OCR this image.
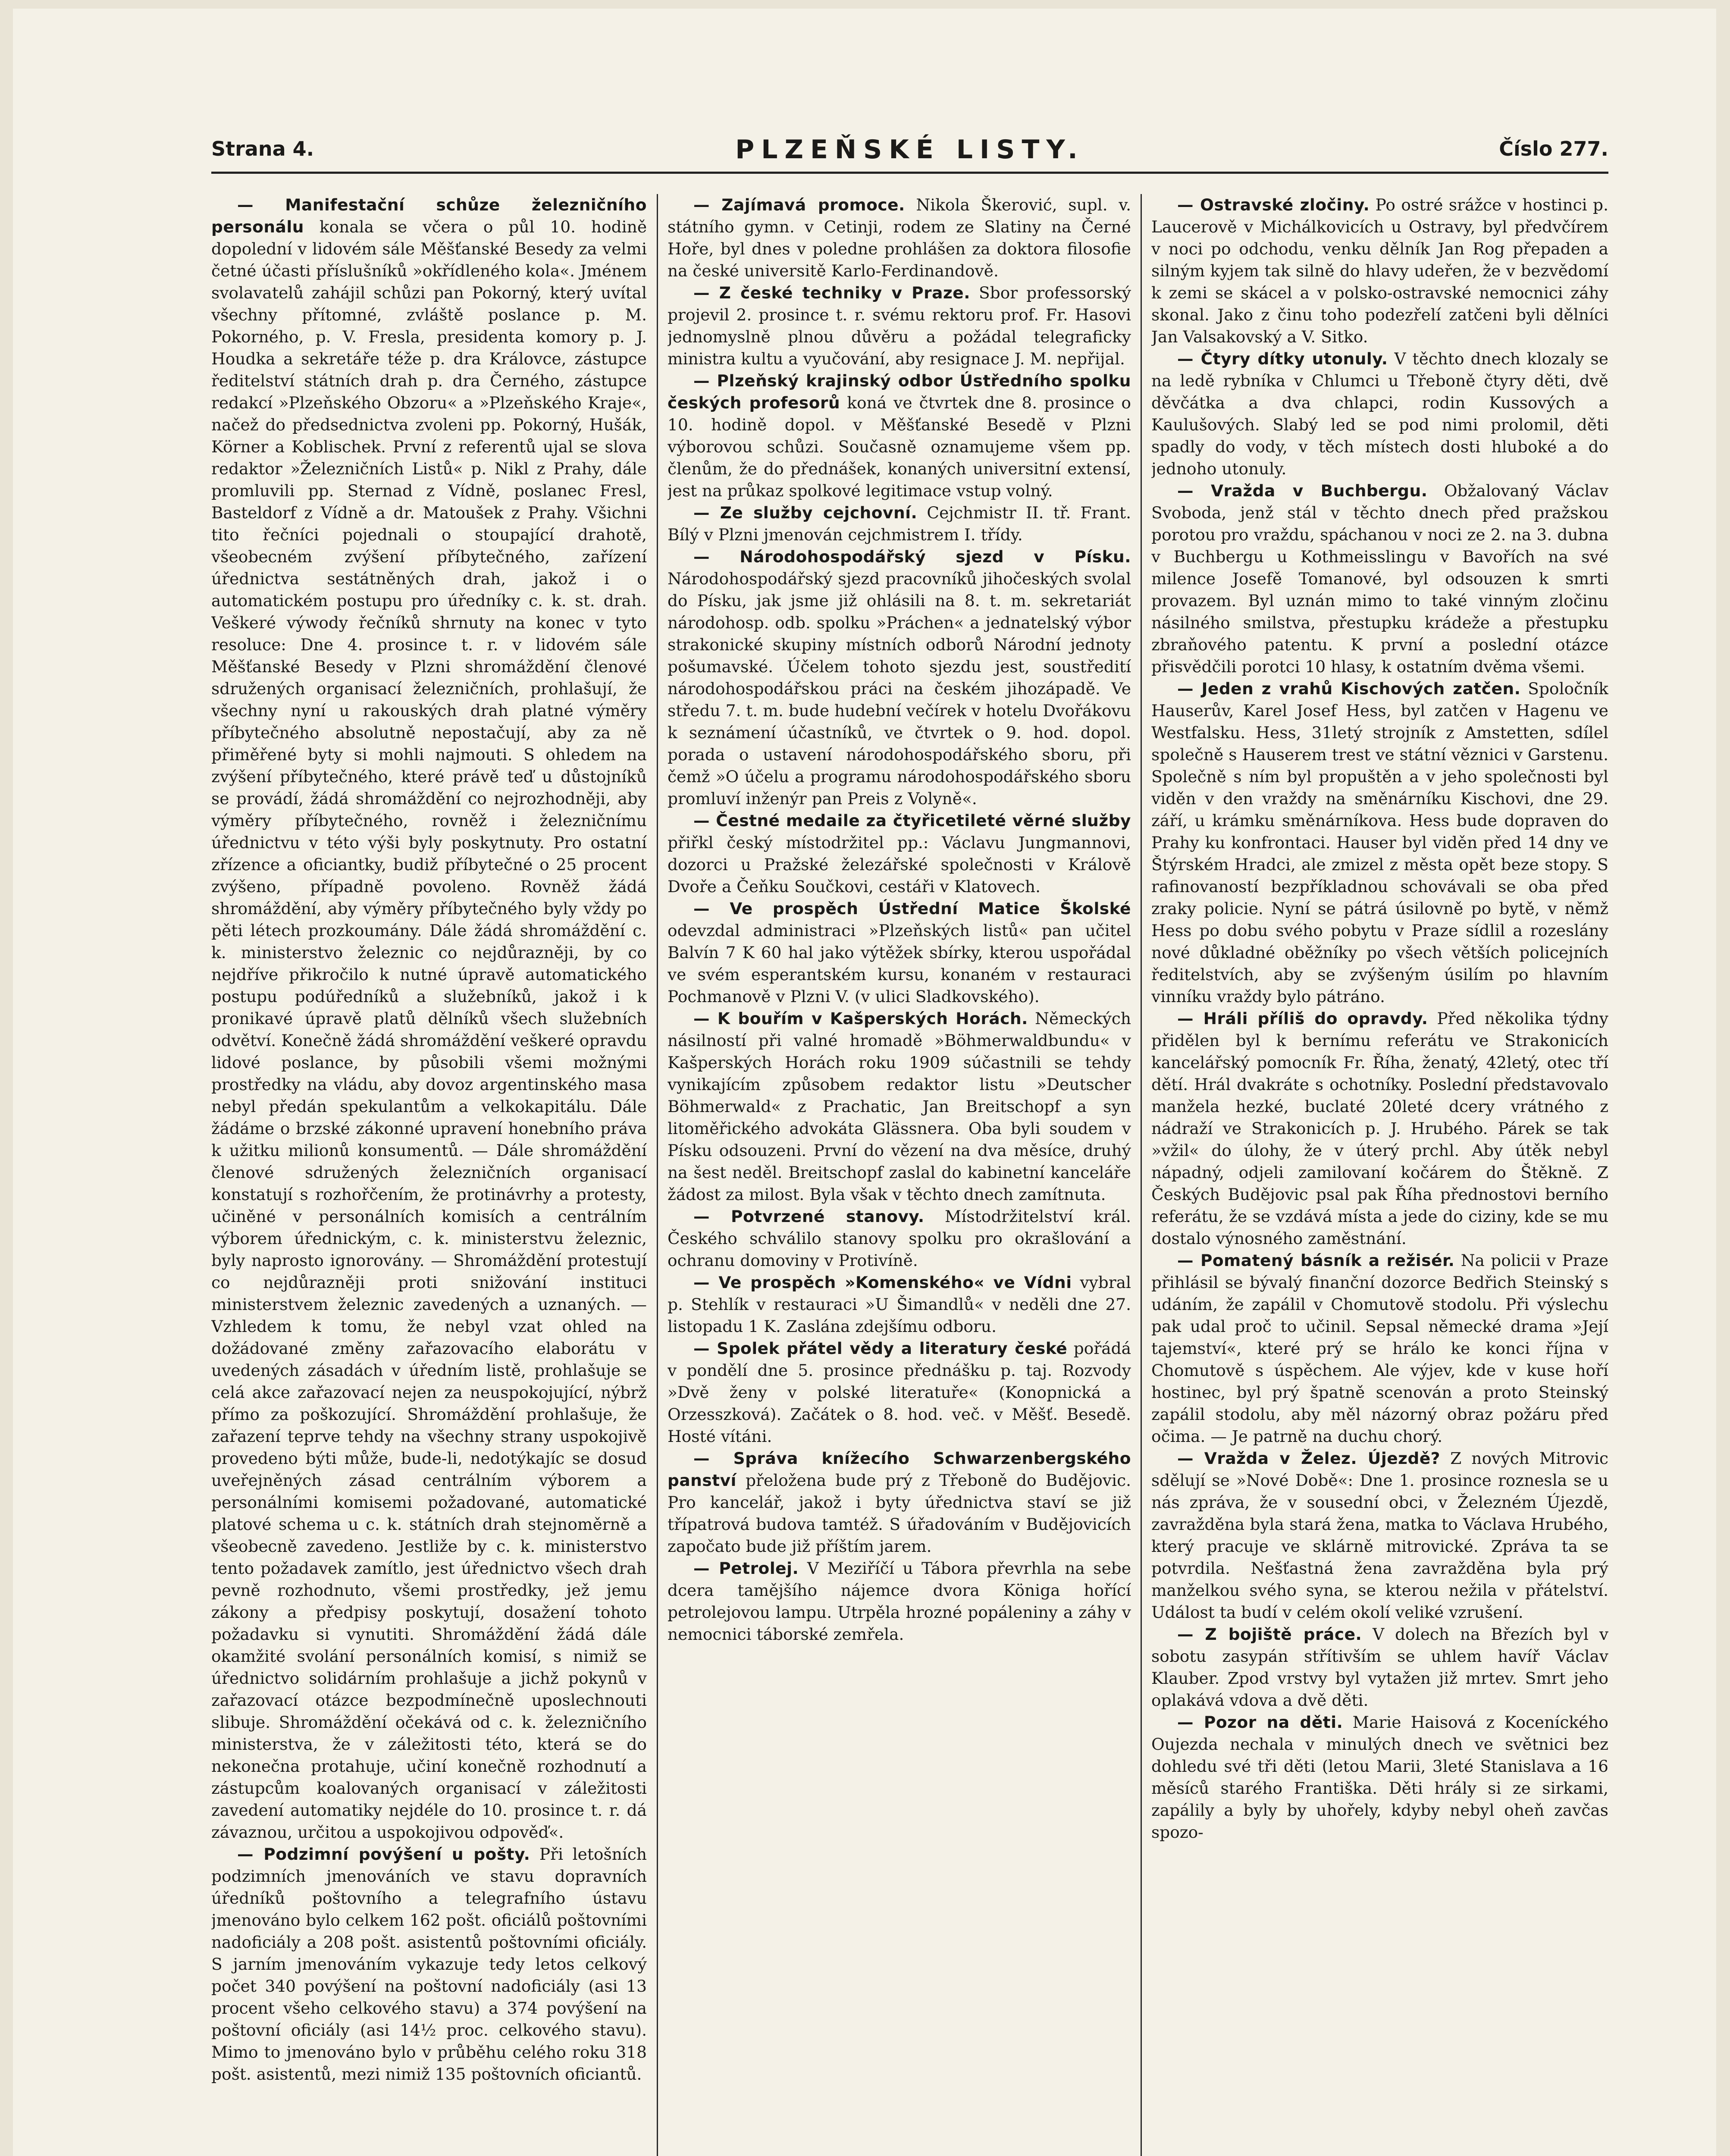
Strana 4.	PLZEŇSKÉ LISTY.	Číslo 277.

— Manifestační schůze železničního personálu konala se včera o půl 10. hodině dopolední v lidovém sále Měšťanské Besedy za velmi četné účasti příslušníků »okřídleného kola«. Jménem svolavatelů zahájil schůzi pan Pokorný, který uvítal všechny přítomné, zvláště poslance p. M. Pokorného, p. V. Fresla, presidenta komory p. J. Houdka a sekretáře téže p. dra Královce, zástupce ředitelství státních drah p. dra Černého, zástupce redakcí »Plzeňského Obzoru« a »Plzeňského Kraje«, načež do předsednictva zvoleni pp. Pokorný, Hušák, Körner a Koblischek. První z referentů ujal se slova redaktor »Železničních Listů« p. Nikl z Prahy, dále promluvili pp. Sternad z Vídně, poslanec Fresl, Basteldorf z Vídně a dr. Matoušek z Prahy. Všichni tito řečníci pojednali o stoupající drahotě, všeobecném zvýšení příbytečného, zařízení úřednictva sestátněných drah, jakož i o automatickém postupu pro úředníky c. k. st. drah. Veškeré výwody řečníků shrnuty na konec v tyto resoluce: Dne 4. prosince t. r. v lidovém sále Měšťanské Besedy v Plzni shromáždění členové sdružených organisací železničních, prohlašují, že všechny nyní u rakouských drah platné výměry příbytečného absolutně nepostačují, aby za ně přiměřené byty si mohli najmouti. S ohledem na zvýšení příbytečného, které právě teď u důstojníků se provádí, žádá shromáždění co nejrozhodněji, aby výměry příbytečného, rovněž i železničnímu úřednictvu v této výši byly poskytnuty. Pro ostatní zřízence a oficiantky, budiž příbytečné o 25 procent zvýšeno, případně povoleno. Rovněž žádá shromáždění, aby výměry příbytečného byly vždy po pěti létech prozkoumány. Dále žádá shromáždění c. k. ministerstvo železnic co nejdůrazněji, by co nejdříve přikročilo k nutné úpravě automatického postupu podúředníků a služebníků, jakož i k pronikavé úpravě platů dělníků všech služebních odvětví. Konečně žádá shromáždění veškeré opravdu lidové poslance, by působili všemi možnými prostředky na vládu, aby dovoz argentinského masa nebyl předán spekulantům a velkokapitálu. Dále žádáme o brzské zákonné upravení honebního práva k užitku milionů konsumentů. — Dále shromáždění členové sdružených železničních organisací konstatují s rozhořčením, že protinávrhy a protesty, učiněné v personálních komisích a centrálním výborem úřednickým, c. k. ministerstvu železnic, byly naprosto ignorovány. — Shromáždění protestují co nejdůrazněji proti snižování instituci ministerstvem železnic zavedených a uznaných. — Vzhledem k tomu, že nebyl vzat ohled na dožádované změny zařazovacího elaborátu v uvedených zásadách v úředním listě, prohlašuje se celá akce zařazovací nejen za neuspokojující, nýbrž přímo za poškozující. Shromáždění prohlašuje, že zařazení teprve tehdy na všechny strany uspokojivě provedeno býti může, bude-li, nedotýkajíc se dosud uveřejněných zásad centrálním výborem a personálními komisemi požadované, automatické platové schema u c. k. státních drah stejnoměrně a všeobecně zavedeno. Jestliže by c. k. ministerstvo tento požadavek zamítlo, jest úřednictvo všech drah pevně rozhodnuto, všemi prostředky, jež jemu zákony a předpisy poskytují, dosažení tohoto požadavku si vynutiti. Shromáždění žádá dále okamžité svolání personálních komisí, s nimiž se úřednictvo solidárním prohlašuje a jichž pokynů v zařazovací otázce bezpodmínečně uposlechnouti slibuje. Shromáždění očekává od c. k. železničního ministerstva, že v záležitosti této, která se do nekonečna protahuje, učiní konečně rozhodnutí a zástupcům koalovaných organisací v záležitosti zavedení automatiky nejdéle do 10. prosince t. r. dá závaznou, určitou a uspokojivou odpověď«.

— Podzimní povýšení u pošty. Při letošních podzimních jmenováních ve stavu dopravních úředníků poštovního a telegrafního ústavu jmenováno bylo celkem 162 pošt. oficiálů poštovními nadoficiály a 208 pošt. asistentů poštovními oficiály. S jarním jmenováním vykazuje tedy letos celkový počet 340 povýšení na poštovní nadoficiály (asi 13 procent všeho celkového stavu) a 374 povýšení na poštovní oficiály (asi 14½ proc. celkového stavu). Mimo to jmenováno bylo v průběhu celého roku 318 pošt. asistentů, mezi nimiž 135 poštovních oficiantů.

— Zajímavá promoce. Nikola Škerović, supl. v. státního gymn. v Cetinji, rodem ze Slatiny na Černé Hoře, byl dnes v poledne prohlášen za doktora filosofie na české universitě Karlo-Ferdinandově.

— Z české techniky v Praze. Sbor professorský projevil 2. prosince t. r. svému rektoru prof. Fr. Hasovi jednomyslně plnou důvěru a požádal telegraficky ministra kultu a vyučování, aby resignace J. M. nepřijal.

— Plzeňský krajinský odbor Ústředního spolku českých profesorů koná ve čtvrtek dne 8. prosince o 10. hodině dopol. v Měšťanské Besedě v Plzni výborovou schůzi. Současně oznamujeme všem pp. členům, že do přednášek, konaných universitní extensí, jest na průkaz spolkové legitimace vstup volný.

— Ze služby cejchovní. Cejchmistr II. tř. Frant. Bílý v Plzni jmenován cejchmistrem I. třídy.

— Národohospodářský sjezd v Písku. Národohospodářský sjezd pracovníků jihočeských svolal do Písku, jak jsme již ohlásili na 8. t. m. sekretariát národohosp. odb. spolku »Práchen« a jednatelský výbor strakonické skupiny místních odborů Národní jednoty pošumavské. Účelem tohoto sjezdu jest, soustředití národohospodářskou práci na českém jihozápadě. Ve středu 7. t. m. bude hudební večírek v hotelu Dvořákovu k seznámení účastníků, ve čtvrtek o 9. hod. dopol. porada o ustavení národohospodářského sboru, při čemž »O účelu a programu národohospodářského sboru promluví inženýr pan Preis z Volyně«.

— Čestné medaile za čtyřicetileté věrné služby přiřkl český místodržitel pp.: Václavu Jungmannovi, dozorci u Pražské železářské společnosti v Králově Dvoře a Čeňku Součkovi, cestáři v Klatovech.

— Ve prospěch Ústřední Matice Školské odevzdal administraci »Plzeňských listů« pan učitel Balvín 7 K 60 hal jako výtěžek sbírky, kterou uspořádal ve svém esperantském kursu, konaném v restauraci Pochmanově v Plzni V. (v ulici Sladkovského).

— K bouřím v Kašperských Horách. Německých násilností při valné hromadě »Böhmerwaldbundu« v Kašperských Horách roku 1909 súčastnili se tehdy vynikajícím způsobem redaktor listu »Deutscher Böhmerwald« z Prachatic, Jan Breitschopf a syn litoměřického advokáta Glässnera. Oba byli soudem v Písku odsouzeni. První do vězení na dva měsíce, druhý na šest neděl. Breitschopf zaslal do kabinetní kanceláře žádost za milost. Byla však v těchto dnech zamítnuta.

— Potvrzené stanovy. Místodržitelství král. Českého schválilo stanovy spolku pro okrašlování a ochranu domoviny v Protivíně.

— Ve prospěch »Komenského« ve Vídni vybral p. Stehlík v restauraci »U Šimandlů« v neděli dne 27. listopadu 1 K. Zaslána zdejšímu odboru.

— Spolek přátel vědy a literatury české pořádá v pondělí dne 5. prosince přednášku p. taj. Rozvody »Dvě ženy v polské literatuře« (Konopnická a Orzesszková). Začátek o 8. hod. več. v Měšť. Besedě. Hosté vítáni.

— Správa knížecího Schwarzenbergského panství přeložena bude prý z Třeboně do Budějovic. Pro kancelář, jakož i byty úřednictva staví se již třípatrová budova tamtéž. S úřadováním v Budějovicích započato bude již příštím jarem.

— Petrolej. V Meziříčí u Tábora převrhla na sebe dcera tamějšího nájemce dvora Königa hořící petrolejovou lampu. Utrpěla hrozné popáleniny a záhy v nemocnici táborské zemřela.

— Ostravské zločiny. Po ostré srážce v hostinci p. Laucerově v Michálkovicích u Ostravy, byl předvčírem v noci po odchodu, venku dělník Jan Rog přepaden a silným kyjem tak silně do hlavy udeřen, že v bezvědomí k zemi se skácel a v polsko-ostravské nemocnici záhy skonal. Jako z činu toho podezřelí zatčeni byli dělníci Jan Valsakovský a V. Sitko.

— Čtyry dítky utonuly. V těchto dnech klozaly se na ledě rybníka v Chlumci u Třeboně čtyry děti, dvě děvčátka a dva chlapci, rodin Kussových a Kaulušových. Slabý led se pod nimi prolomil, děti spadly do vody, v těch místech dosti hluboké a do jednoho utonuly.

— Vražda v Buchbergu. Obžalovaný Václav Svoboda, jenž stál v těchto dnech před pražskou porotou pro vraždu, spáchanou v noci ze 2. na 3. dubna v Buchbergu u Kothmeisslingu v Bavořích na své milence Josefě Tomanové, byl odsouzen k smrti provazem. Byl uznán mimo to také vinným zločinu násilného smilstva, přestupku krádeže a přestupku zbraňového patentu. K první a poslední otázce přisvědčili porotci 10 hlasy, k ostatním dvěma všemi.

— Jeden z vrahů Kischových zatčen. Spoločník Hauserův, Karel Josef Hess, byl zatčen v Hagenu ve Westfalsku. Hess, 31letý strojník z Amstetten, sdílel společně s Hauserem trest ve státní věznici v Garstenu. Společně s ním byl propuštěn a v jeho společnosti byl viděn v den vraždy na směnárníku Kischovi, dne 29. září, u krámku směnárníkova. Hess bude dopraven do Prahy ku konfrontaci. Hauser byl viděn před 14 dny ve Štýrském Hradci, ale zmizel z města opět beze stopy. S rafinovaností bezpříkladnou schovávali se oba před zraky policie. Nyní se pátrá úsilovně po bytě, v němž Hess po dobu svého pobytu v Praze sídlil a rozeslány nové důkladné oběžníky po všech větších policejních ředitelstvích, aby se zvýšeným úsilím po hlavním vinníku vraždy bylo pátráno.

— Hráli příliš do opravdy. Před několika týdny přidělen byl k bernímu referátu ve Strakonicích kancelářský pomocník Fr. Říha, ženatý, 42letý, otec tří dětí. Hrál dvakráte s ochotníky. Poslední představovalo manžela hezké, buclaté 20leté dcery vrátného z nádraží ve Strakonicích p. J. Hrubého. Párek se tak »vžil« do úlohy, že v úterý prchl. Aby útěk nebyl nápadný, odjeli zamilovaní kočárem do Štěkně. Z Českých Budějovic psal pak Říha přednostovi berního referátu, že se vzdává místa a jede do ciziny, kde se mu dostalo výnosného zaměstnání.

— Pomatený básník a režisér. Na policii v Praze přihlásil se bývalý finanční dozorce Bedřich Steinský s udáním, že zapálil v Chomutově stodolu. Při výslechu pak udal proč to učinil. Sepsal německé drama »Její tajemství«, které prý se hrálo ke konci října v Chomutově s úspěchem. Ale výjev, kde v kuse hoří hostinec, byl prý špatně scenován a proto Steinský zapálil stodolu, aby měl názorný obraz požáru před očima. — Je patrně na duchu chorý.

— Vražda v Želez. Újezdě? Z nových Mitrovic sdělují se »Nové Době«: Dne 1. prosince roznesla se u nás zpráva, že v sousední obci, v Železném Újezdě, zavražděna byla stará žena, matka to Václava Hrubého, který pracuje ve sklárně mitrovické. Zpráva ta se potvrdila. Nešťastná žena zavražděna byla prý manželkou svého syna, se kterou nežila v přátelství. Událost ta budí v celém okolí veliké vzrušení.

— Z bojiště práce. V dolech na Březích byl v sobotu zasypán střítivším se uhlem havíř Václav Klauber. Zpod vrstvy byl vytažen již mrtev. Smrt jeho oplakává vdova a dvě děti.

— Pozor na děti. Marie Haisová z Koceníckého Oujezda nechala v minulých dnech ve světnici bez dohledu své tři děti (letou Marii, 3leté Stanislava a 16 měsíců starého Františka. Děti hrály si ze sirkami, zapálily a byly by uhořely, kdyby nebyl oheň zavčas spozo-
